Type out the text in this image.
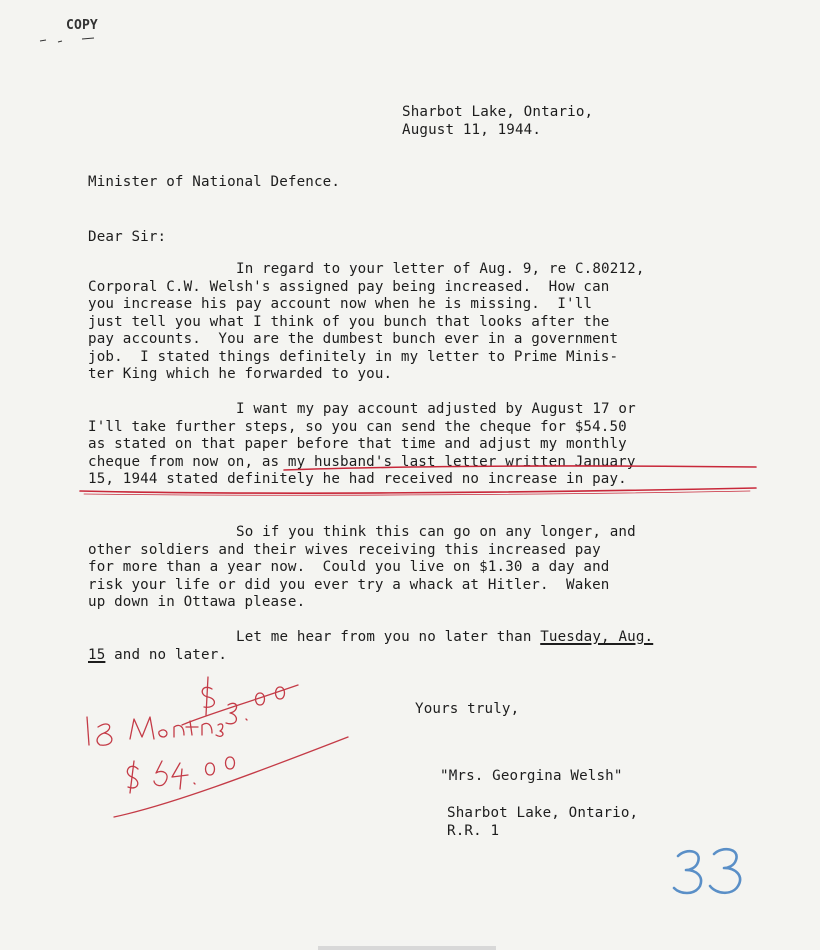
COPY
Sharbot Lake, Ontario,
August 11, 1944.
Minister of National Defence.
Dear Sir:
In regard to your letter of Aug. 9, re C.80212,
Corporal C.W. Welsh's assigned pay being increased.  How can
you increase his pay account now when he is missing.  I'll
just tell you what I think of you bunch that looks after the
pay accounts.  You are the dumbest bunch ever in a government
job.  I stated things definitely in my letter to Prime Minis-
ter King which he forwarded to you.
I want my pay account adjusted by August 17 or
I'll take further steps, so you can send the cheque for $54.50
as stated on that paper before that time and adjust my monthly
cheque from now on, as my husband's last letter written January
15, 1944 stated definitely he had received no increase in pay.
So if you think this can go on any longer, and
other soldiers and their wives receiving this increased pay
for more than a year now.  Could you live on $1.30 a day and
risk your life or did you ever try a whack at Hitler.  Waken
up down in Ottawa please.
Let me hear from you no later than Tuesday, Aug.
15 and no later.
Yours truly,
"Mrs. Georgina Welsh"
Sharbot Lake, Ontario,
R.R. 1
